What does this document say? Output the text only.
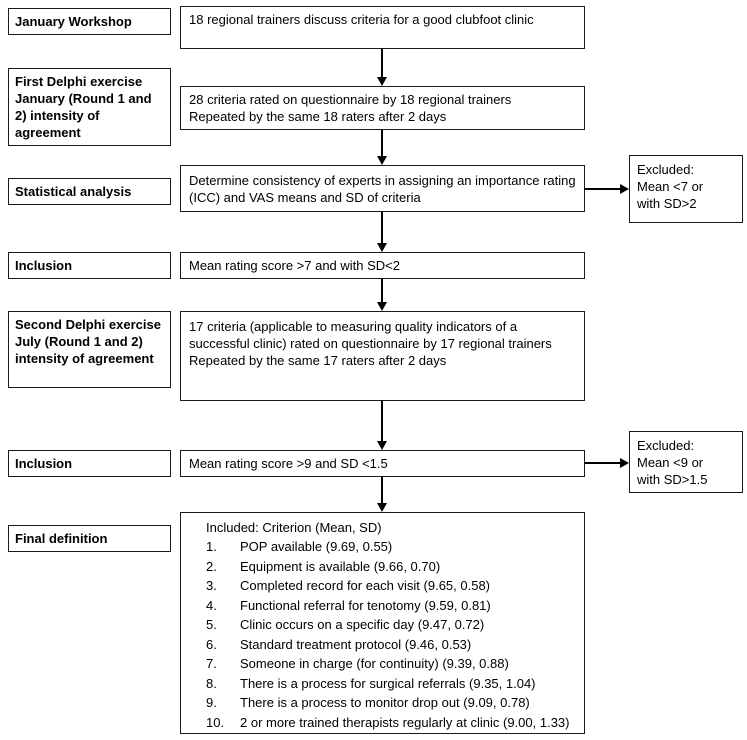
January Workshop
First Delphi exercise January (Round 1 and 2) intensity of agreement
Statistical analysis
Inclusion
Second Delphi exercise July (Round 1 and 2) intensity of agreement
Inclusion
Final definition
18 regional trainers discuss criteria for a good clubfoot clinic
28 criteria rated on questionnaire by 18 regional trainers
Repeated by the same 18 raters after 2 days
Determine consistency of experts in assigning an importance rating (ICC) and VAS means and SD of criteria
Mean rating score >7 and with SD<2
17 criteria (applicable to measuring quality indicators of a successful clinic) rated on questionnaire by 17 regional trainers
Repeated by the same 17 raters after 2 days
Mean rating score >9 and SD <1.5
Included: Criterion (Mean, SD)
1.	POP available (9.69, 0.55)
2.	Equipment is available (9.66, 0.70)
3.	Completed record for each visit (9.65, 0.58)
4.	Functional referral for tenotomy (9.59, 0.81)
5.	Clinic occurs on a specific day (9.47, 0.72)
6.	Standard treatment protocol (9.46, 0.53)
7.	Someone in charge (for continuity) (9.39, 0.88)
8.	There is a process for surgical referrals (9.35, 1.04)
9.	There is a process to monitor drop out (9.09, 0.78)
10.	2 or more trained therapists regularly at clinic (9.00, 1.33)
Excluded:
Mean <7 or
with SD>2
Excluded:
Mean <9 or
with SD>1.5
